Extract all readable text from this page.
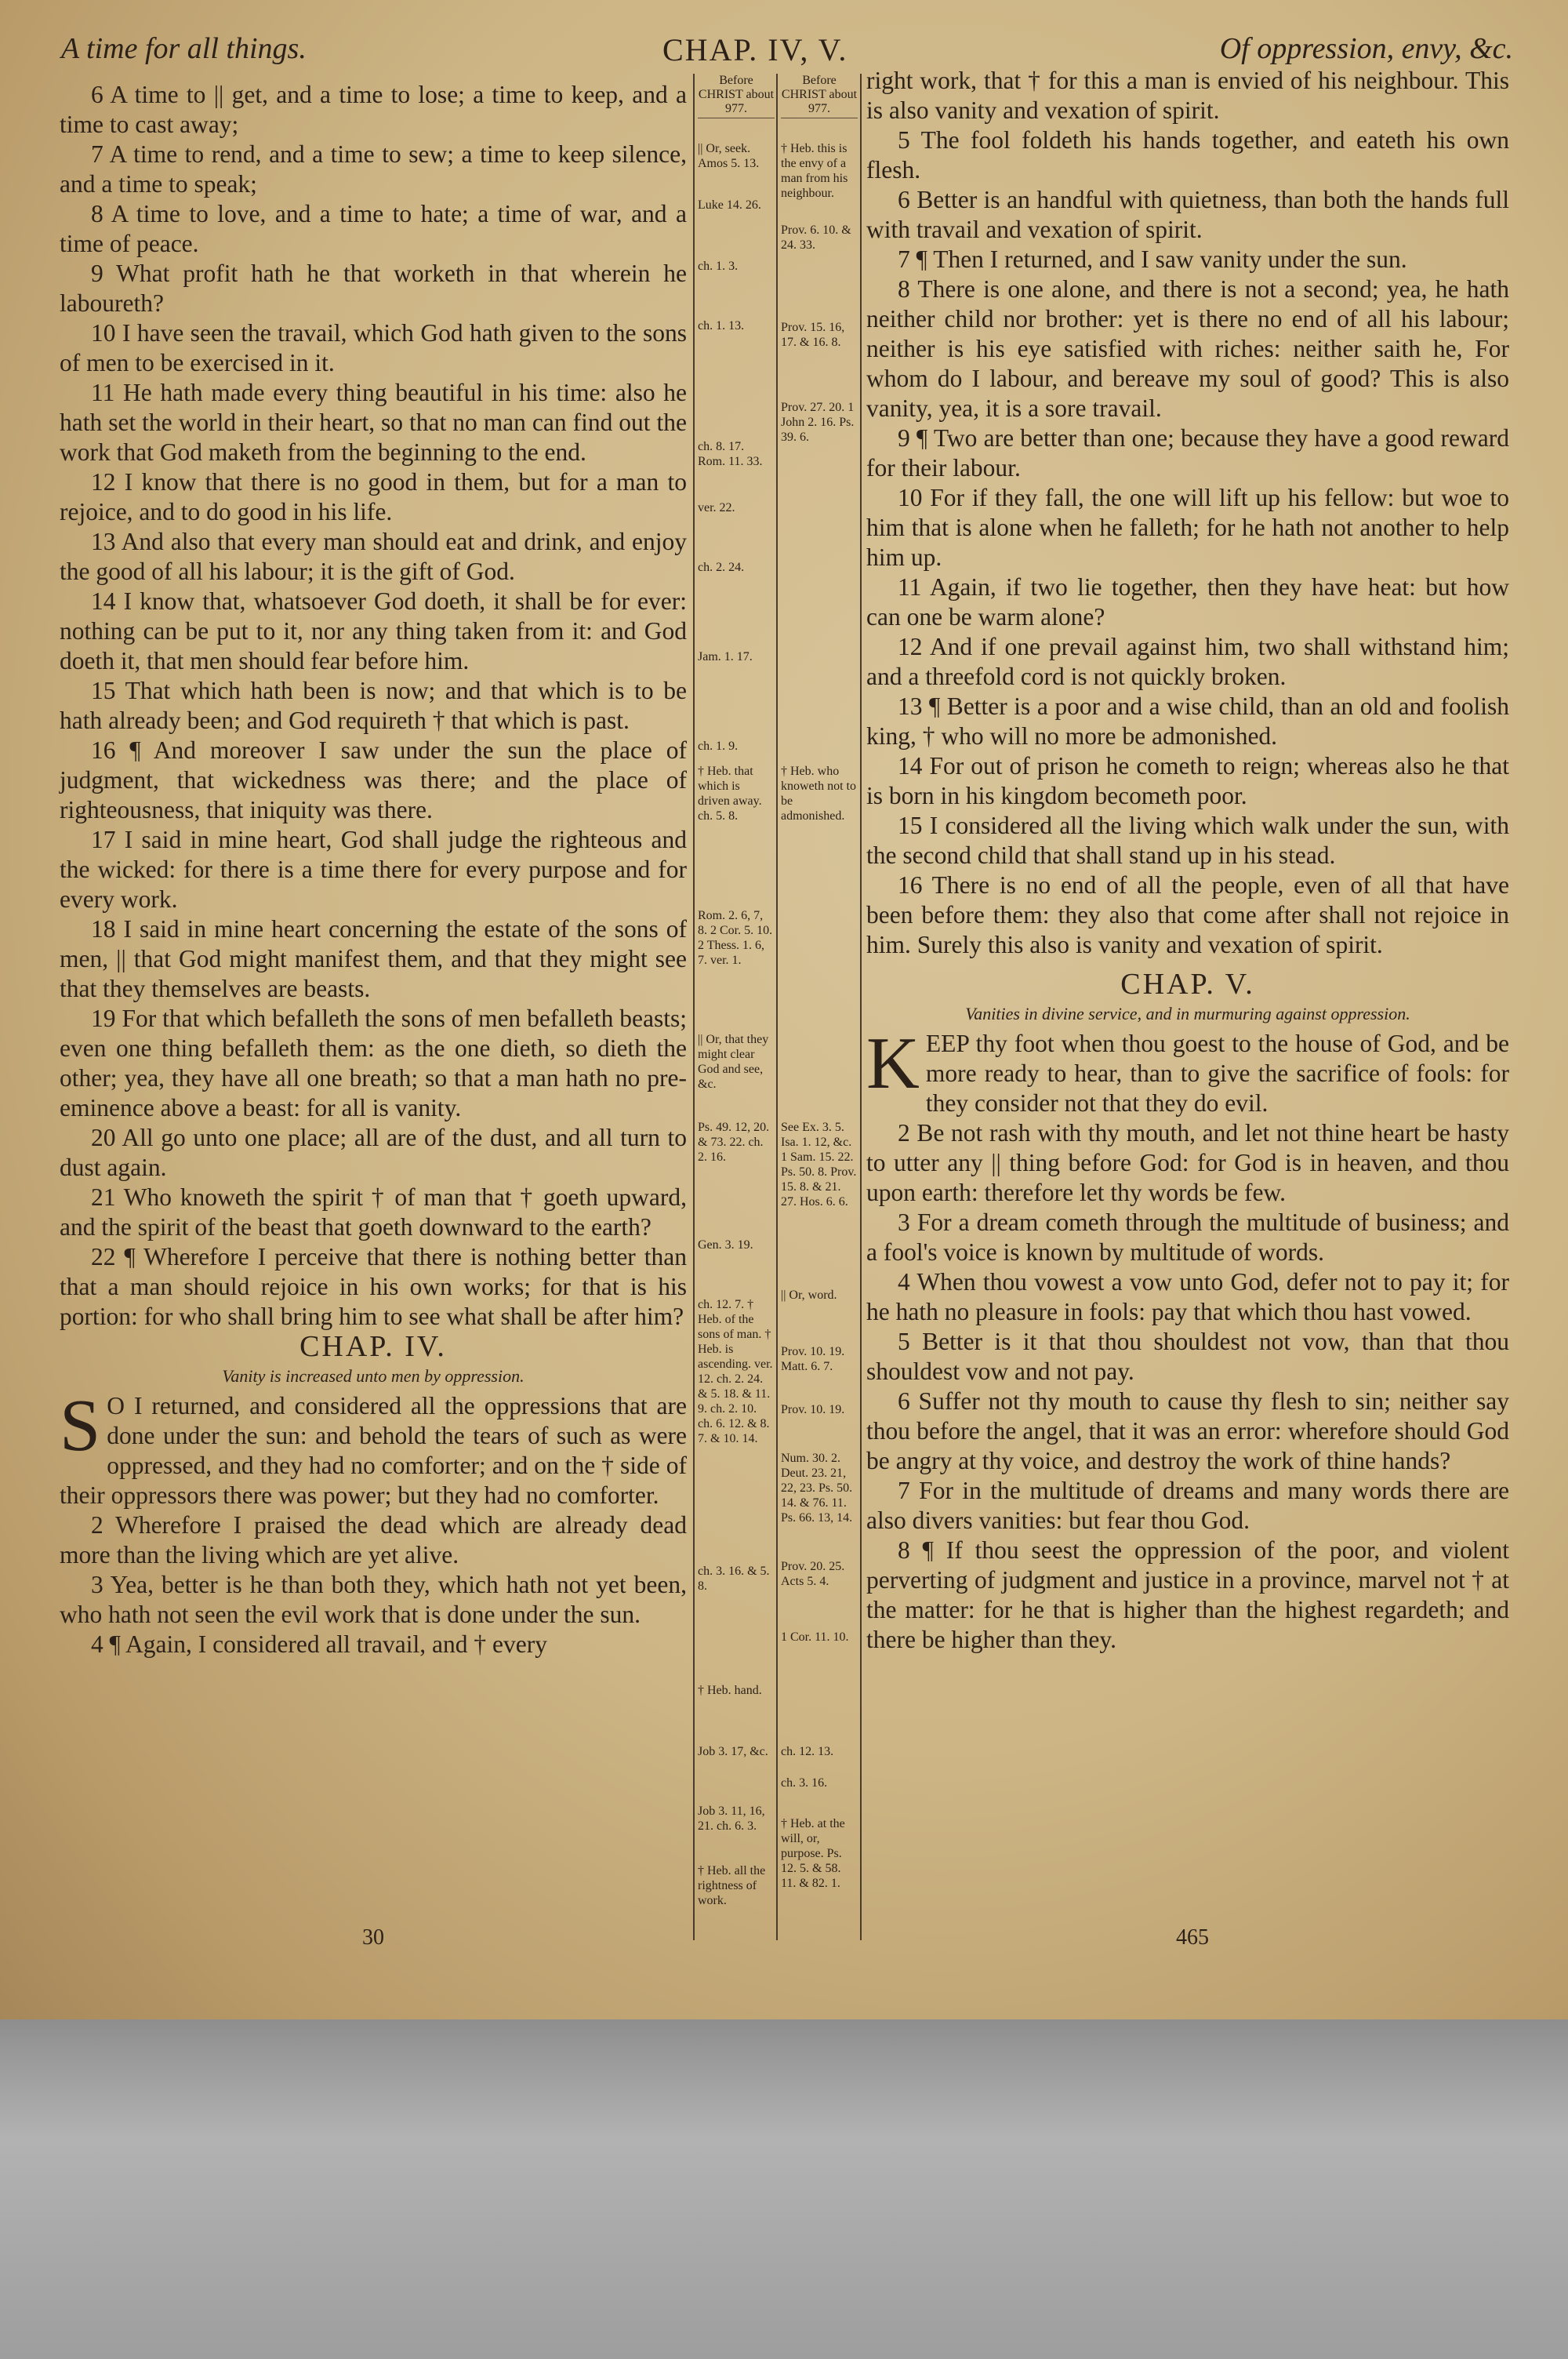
A time for all things.	CHAP. IV, V.	Of oppression, envy, &c.

6 A time to || get, and a time to lose; a time to keep, and a time to cast away;

7 A time to rend, and a time to sew; a time to keep silence, and a time to speak;

8 A time to love, and a time to hate; a time of war, and a time of peace.

9 What profit hath he that worketh in that wherein he laboureth?

10 I have seen the travail, which God hath given to the sons of men to be exercised in it.

11 He hath made every thing beautiful in his time: also he hath set the world in their heart, so that no man can find out the work that God maketh from the beginning to the end.

12 I know that there is no good in them, but for a man to rejoice, and to do good in his life.

13 And also that every man should eat and drink, and enjoy the good of all his labour; it is the gift of God.

14 I know that, whatsoever God doeth, it shall be for ever: nothing can be put to it, nor any thing taken from it: and God doeth it, that men should fear before him.

15 That which hath been is now; and that which is to be hath already been; and God requireth † that which is past.

16 ¶ And moreover I saw under the sun the place of judgment, that wickedness was there; and the place of righteousness, that iniquity was there.

17 I said in mine heart, God shall judge the righteous and the wicked: for there is a time there for every purpose and for every work.

18 I said in mine heart concerning the estate of the sons of men, || that God might manifest them, and that they might see that they themselves are beasts.

19 For that which befalleth the sons of men befalleth beasts; even one thing befalleth them: as the one dieth, so dieth the other; yea, they have all one breath; so that a man hath no pre-eminence above a beast: for all is vanity.

20 All go unto one place; all are of the dust, and all turn to dust again.

21 Who knoweth the spirit † of man that † goeth upward, and the spirit of the beast that goeth downward to the earth?

22 ¶ Wherefore I perceive that there is nothing better than that a man should rejoice in his own works; for that is his portion: for who shall bring him to see what shall be after him?

CHAP. IV.

Vanity is increased unto men by oppression.

S O I returned, and considered all the oppressions that are done under the sun: and behold the tears of such as were oppressed, and they had no comforter; and on the † side of their oppressors there was power; but they had no comforter.

2 Wherefore I praised the dead which are already dead more than the living which are yet alive.

3 Yea, better is he than both they, which hath not yet been, who hath not seen the evil work that is done under the sun.

4 ¶ Again, I considered all travail, and † every

Before CHRIST about 977.
|| Or, seek. Amos 5. 13.
Luke 14. 26.
ch. 1. 3.
ch. 1. 13.
ch. 8. 17. Rom. 11. 33.
ver. 22.
ch. 2. 24.
Jam. 1. 17.
ch. 1. 9.
† Heb. that which is driven away. ch. 5. 8.
Rom. 2. 6, 7, 8. 2 Cor. 5. 10. 2 Thess. 1. 6, 7. ver. 1.
|| Or, that they might clear God and see, &c.
Ps. 49. 12, 20. & 73. 22. ch. 2. 16.
Gen. 3. 19.
ch. 12. 7. † Heb. of the sons of man. † Heb. is ascending. ver. 12. ch. 2. 24. & 5. 18. & 11. 9. ch. 2. 10. ch. 6. 12. & 8. 7. & 10. 14.
ch. 3. 16. & 5. 8.
† Heb. hand.
Job 3. 17, &c.
Job 3. 11, 16, 21. ch. 6. 3.
† Heb. all the rightness of work.
Before CHRIST about 977.
† Heb. this is the envy of a man from his neighbour.
Prov. 6. 10. & 24. 33.
Prov. 15. 16, 17. & 16. 8.
Prov. 27. 20. 1 John 2. 16. Ps. 39. 6.
† Heb. who knoweth not to be admonished.
See Ex. 3. 5. Isa. 1. 12, &c. 1 Sam. 15. 22. Ps. 50. 8. Prov. 15. 8. & 21. 27. Hos. 6. 6.
|| Or, word.
Prov. 10. 19. Matt. 6. 7.
Prov. 10. 19.
Num. 30. 2. Deut. 23. 21, 22, 23. Ps. 50. 14. & 76. 11. Ps. 66. 13, 14.
Prov. 20. 25. Acts 5. 4.
1 Cor. 11. 10.
ch. 12. 13.
ch. 3. 16.
† Heb. at the will, or, purpose. Ps. 12. 5. & 58. 11. & 82. 1.

right work, that † for this a man is envied of his neighbour. This is also vanity and vexation of spirit.

5 The fool foldeth his hands together, and eateth his own flesh.

6 Better is an handful with quietness, than both the hands full with travail and vexation of spirit.

7 ¶ Then I returned, and I saw vanity under the sun.

8 There is one alone, and there is not a second; yea, he hath neither child nor brother: yet is there no end of all his labour; neither is his eye satisfied with riches: neither saith he, For whom do I labour, and bereave my soul of good? This is also vanity, yea, it is a sore travail.

9 ¶ Two are better than one; because they have a good reward for their labour.

10 For if they fall, the one will lift up his fellow: but woe to him that is alone when he falleth; for he hath not another to help him up.

11 Again, if two lie together, then they have heat: but how can one be warm alone?

12 And if one prevail against him, two shall withstand him; and a threefold cord is not quickly broken.

13 ¶ Better is a poor and a wise child, than an old and foolish king, † who will no more be admonished.

14 For out of prison he cometh to reign; whereas also he that is born in his kingdom becometh poor.

15 I considered all the living which walk under the sun, with the second child that shall stand up in his stead.

16 There is no end of all the people, even of all that have been before them: they also that come after shall not rejoice in him. Surely this also is vanity and vexation of spirit.

CHAP. V.

Vanities in divine service, and in murmuring against oppression.

KEEP thy foot when thou goest to the house of God, and be more ready to hear, than to give the sacrifice of fools: for they consider not that they do evil.

2 Be not rash with thy mouth, and let not thine heart be hasty to utter any || thing before God: for God is in heaven, and thou upon earth: therefore let thy words be few.

3 For a dream cometh through the multitude of business; and a fool's voice is known by multitude of words.

4 When thou vowest a vow unto God, defer not to pay it; for he hath no pleasure in fools: pay that which thou hast vowed.

5 Better is it that thou shouldest not vow, than that thou shouldest vow and not pay.

6 Suffer not thy mouth to cause thy flesh to sin; neither say thou before the angel, that it was an error: wherefore should God be angry at thy voice, and destroy the work of thine hands?

7 For in the multitude of dreams and many words there are also divers vanities: but fear thou God.

8 ¶ If thou seest the oppression of the poor, and violent perverting of judgment and justice in a province, marvel not † at the matter: for he that is higher than the highest regardeth; and there be higher than they.

30	465
